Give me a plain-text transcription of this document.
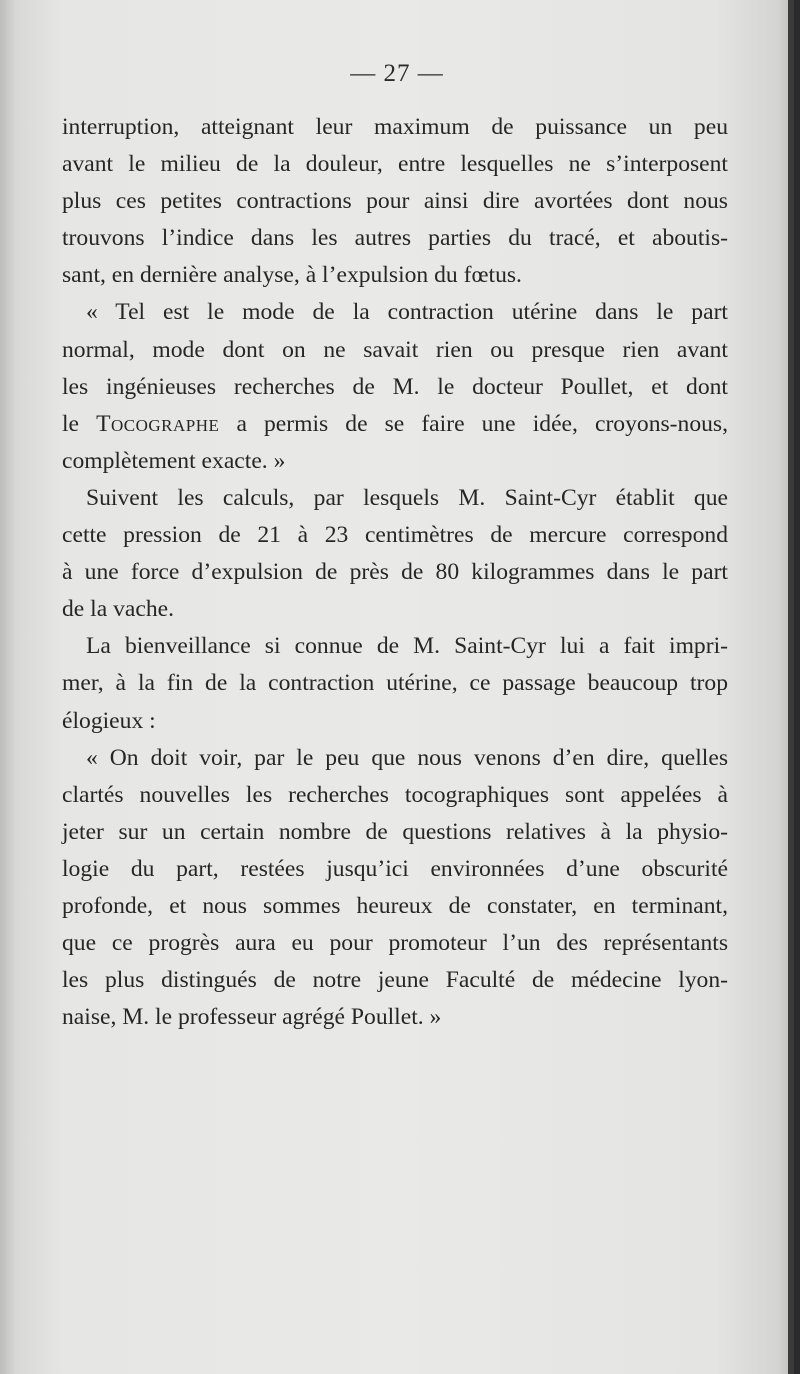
— 27 —
interruption, atteignant leur maximum de puissance un peu
avant le milieu de la douleur, entre lesquelles ne s’interposent
plus ces petites contractions pour ainsi dire avortées dont nous
trouvons l’indice dans les autres parties du tracé, et aboutis-
sant, en dernière analyse, à l’expulsion du fœtus.
« Tel est le mode de la contraction utérine dans le part
normal, mode dont on ne savait rien ou presque rien avant
les ingénieuses recherches de M. le docteur Poullet, et dont
le Tocographe a permis de se faire une idée, croyons-nous,
complètement exacte. »
Suivent les calculs, par lesquels M. Saint-Cyr établit que
cette pression de 21 à 23 centimètres de mercure correspond
à une force d’expulsion de près de 80 kilogrammes dans le part
de la vache.
La bienveillance si connue de M. Saint-Cyr lui a fait impri-
mer, à la fin de la contraction utérine, ce passage beaucoup trop
élogieux :
« On doit voir, par le peu que nous venons d’en dire, quelles
clartés nouvelles les recherches tocographiques sont appelées à
jeter sur un certain nombre de questions relatives à la physio-
logie du part, restées jusqu’ici environnées d’une obscurité
profonde, et nous sommes heureux de constater, en terminant,
que ce progrès aura eu pour promoteur l’un des représentants
les plus distingués de notre jeune Faculté de médecine lyon-
naise, M. le professeur agrégé Poullet. »
